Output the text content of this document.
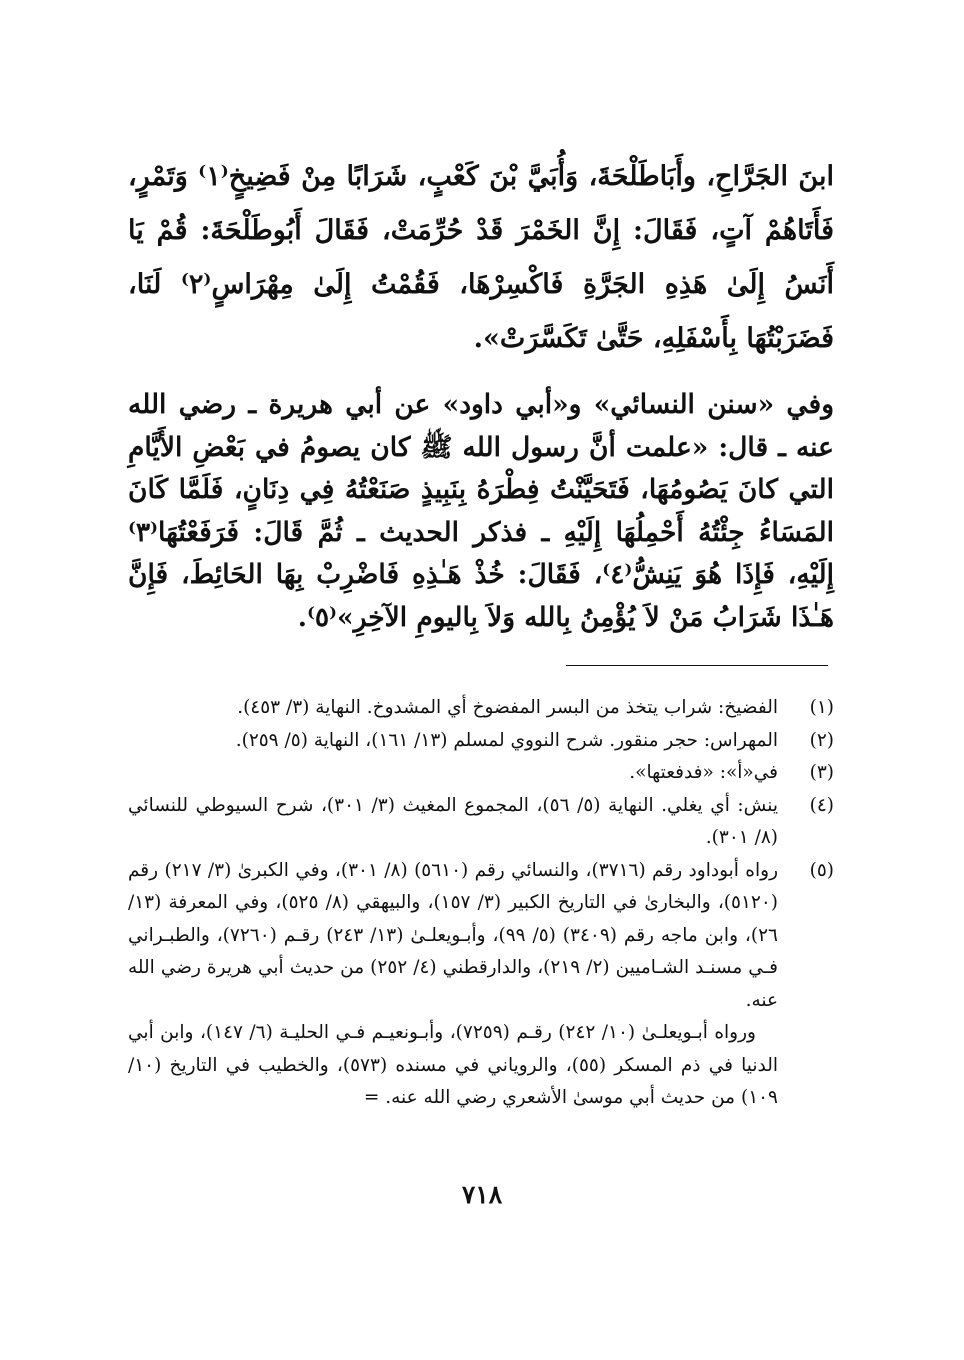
ابنَ الجَرَّاحِ، وأَبَاطَلْحَةَ، وَأُبَيَّ بْنَ كَعْبٍ، شَرَابًا مِنْ فَضِيخٍ⁽١⁾ وَتَمْرٍ، فَأَتَاهُمْ آتٍ، فَقَالَ: إِنَّ الخَمْرَ قَدْ حُرِّمَتْ، فَقَالَ أَبُوطَلْحَةَ: قُمْ يَا أَنَسُ إِلَىٰ هَذِهِ الجَرَّةِ فَاكْسِرْهَا، فَقُمْتُ إِلَىٰ مِهْرَاسٍ⁽٢⁾ لَنَا، فَضَرَبْتُهَا بِأَسْفَلِهِ، حَتَّىٰ تَكَسَّرَتْ».

وفي «سنن النسائي» و«أبي داود» عن أبي هريرة ـ رضي الله عنه ـ قال: «علمت أنَّ رسول الله ﷺ كان يصومُ في بَعْضِ الأَيَّامِ التي كانَ يَصُومُهَا، فَتَحَيَّنْتُ فِطْرَهُ بِنَبِيذٍ صَنَعْتُهُ فِي دِنَانٍ، فَلَمَّا كَانَ المَسَاءُ جِئْتُهُ أَحْمِلُهَا إِلَيْهِ ـ فذكر الحديث ـ ثُمَّ قَالَ: فَرَفَعْتُهَا⁽٣⁾ إِلَيْهِ، فَإِذَا هُوَ يَنِشُّ⁽٤⁾، فَقَالَ: خُذْ هَـٰذِهِ فَاضْرِبْ بِهَا الحَائِطَ، فَإِنَّ هَـٰذَا شَرَابُ مَنْ لاَ يُؤْمِنُ بِالله وَلاَ بِاليومِ الآخِرِ»⁽٥⁾.

(١)
الفضيخ: شراب يتخذ من البسر المفضوخ أي المشدوخ. النهاية (٣/ ٤٥٣).
(٢)
المهراس: حجر منقور. شرح النووي لمسلم (١٣/ ١٦١)، النهاية (٥/ ٢٥٩).
(٣)
في«أ»: «فدفعتها».
(٤)
ينش: أي يغلي. النهاية (٥/ ٥٦)، المجموع المغيث (٣/ ٣٠١)، شرح السيوطي للنسائي (٨/ ٣٠١).
(٥)
رواه أبوداود رقم (٣٧١٦)، والنسائي رقم (٥٦١٠) (٨/ ٣٠١)، وفي الكبرىٰ (٣/ ٢١٧) رقم (٥١٢٠)، والبخارىٰ في التاريخ الكبير (٣/ ١٥٧)، والبيهقي (٨/ ٥٢٥)، وفي المعرفة (١٣/ ٢٦)، وابن ماجه رقم (٣٤٠٩) (٥/ ٩٩)، وأبـويعلـىٰ (١٣/ ٢٤٣) رقـم (٧٢٦٠)، والطبـراني فـي مسنـد الشـاميين (٢/ ٢١٩)، والدارقطني (٤/ ٢٥٢) من حديث أبي هريرة رضي الله عنه.
ورواه أبـويعلـىٰ (١٠/ ٢٤٢) رقـم (٧٢٥٩)، وأبـونعيـم فـي الحليـة (٦/ ١٤٧)، وابن أبي الدنيا في ذم المسكر (٥٥)، والروياني في مسنده (٥٧٣)، والخطيب في التاريخ (١٠/ ١٠٩) من حديث أبي موسىٰ الأشعري رضي الله عنه. =
٧١٨
